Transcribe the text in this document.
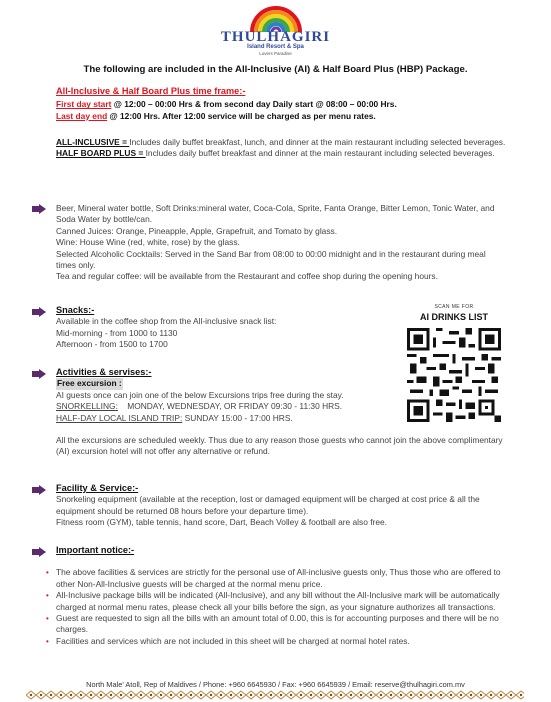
THULHAGIRI
Island Resort & Spa
Lovers Paradise
The following are included in the All-Inclusive (AI) & Half Board Plus (HBP) Package.
All-Inclusive & Half Board Plus time frame:-
First day start @ 12:00 – 00:00 Hrs & from second day Daily start @ 08:00 – 00:00 Hrs.
Last day end @ 12:00 Hrs. After 12:00 service will be charged as per menu rates.
ALL-INCLUSIVE = Includes daily buffet breakfast, lunch, and dinner at the main restaurant including selected beverages.
HALF BOARD PLUS = Includes daily buffet breakfast and dinner at the main restaurant including selected beverages.
Beer, Mineral water bottle, Soft Drinks:mineral water, Coca-Cola, Sprite, Fanta Orange, Bitter Lemon, Tonic Water, and Soda Water by bottle/can.
Canned Juices: Orange, Pineapple, Apple, Grapefruit, and Tomato by glass.
Wine: House Wine (red, white, rose) by the glass.
Selected Alcoholic Cocktails: Served in the Sand Bar from 08:00 to 00:00 midnight and in the restaurant during meal times only.
Tea and regular coffee: will be available from the Restaurant and coffee shop during the opening hours.
Snacks:-
Available in the coffee shop from the All-inclusive snack list:
Mid-morning - from 1000 to 1130
Afternoon - from 1500 to 1700
SCAN ME FOR
AI DRINKS LIST
Activities & servises:-
Free excursion :
AI guests once can join one of the below Excursions trips free during the stay.
SNORKELLING:    MONDAY, WEDNESDAY, OR FRIDAY 09:30 - 11:30 HRS.
HALF-DAY LOCAL ISLAND TRIP: SUNDAY 15:00 - 17:00 HRS.
All the excursions are scheduled weekly. Thus due to any reason those guests who cannot join the above complimentary (AI) excursion hotel will not offer any alternative or refund.
Facility & Service:-
Snorkeling equipment (available at the reception, lost or damaged equipment will be charged at cost price & all the equipment should be returned 08 hours before your departure time).
Fitness room (GYM), table tennis, hand score, Dart, Beach Volley & football are also free.
Important notice:-
• The above facilities & services are strictly for the personal use of All-inclusive guests only, Thus those who are offered to other Non-All-Inclusive guests will be charged at the normal menu price.
• All-Inclusive package bills will be indicated (All-Inclusive), and any bill without the All-Inclusive mark will be automatically charged at normal menu rates, please check all your bills before the sign, as your signature authorizes all transactions.
• Guest are requested to sign all the bills with an amount total of 0.00, this is for accounting purposes and there will be no charges.
• Facilities and services which are not included in this sheet will be charged at normal hotel rates.
North Male' Atoll, Rep of Maldives / Phone: +960 6645930 / Fax: +960 6645939 / Email: reserve@thulhagiri.com.mv
